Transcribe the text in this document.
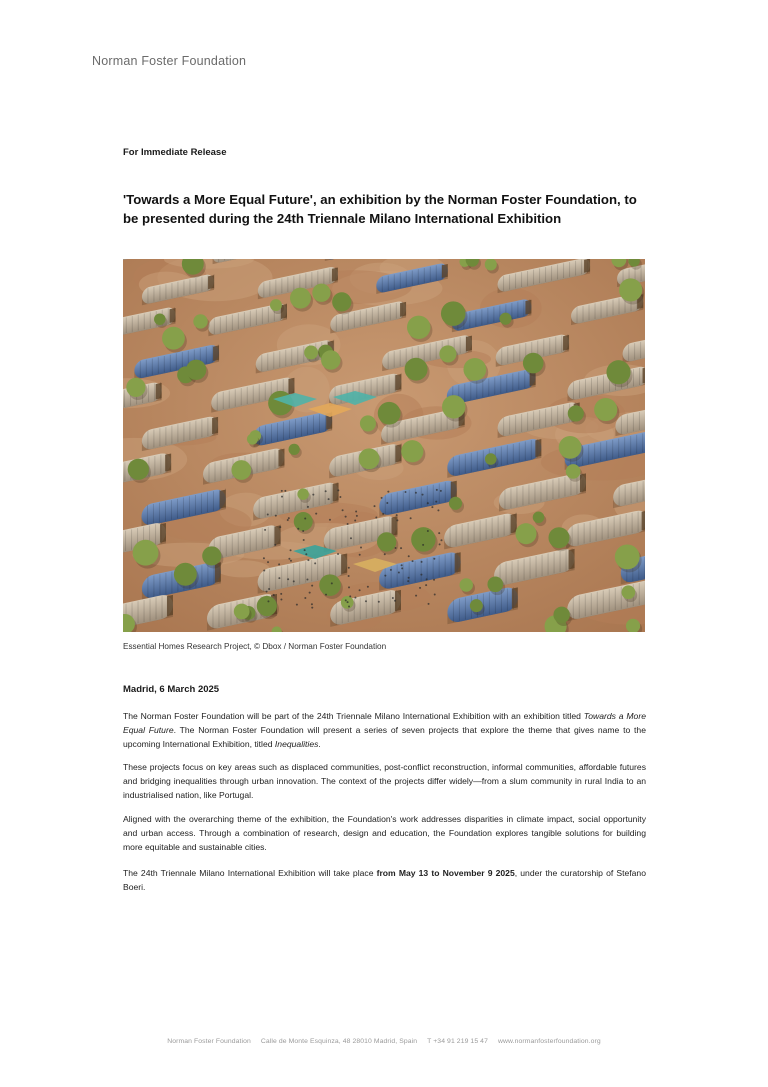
Norman Foster Foundation
For Immediate Release
'Towards a More Equal Future', an exhibition by the Norman Foster Foundation, to be presented during the 24th Triennale Milano International Exhibition
Essential Homes Research Project, © Dbox / Norman Foster Foundation
Madrid, 6 March 2025

The Norman Foster Foundation will be part of the 24th Triennale Milano International Exhibition with an exhibition titled Towards a More Equal Future. The Norman Foster Foundation will present a series of seven projects that explore the theme that gives name to the upcoming International Exhibition, titled Inequalities.

These projects focus on key areas such as displaced communities, post-conflict reconstruction, informal communities, affordable futures and bridging inequalities through urban innovation. The context of the projects differ widely—from a slum community in rural India to an industrialised nation, like Portugal.

Aligned with the overarching theme of the exhibition, the Foundation's work addresses disparities in climate impact, social opportunity and urban access. Through a combination of research, design and education, the Foundation explores tangible solutions for building more equitable and sustainable cities.

The 24th Triennale Milano International Exhibition will take place from May 13 to November 9 2025, under the curatorship of Stefano Boeri.

Norman Foster Foundation Calle de Monte Esquinza, 48 28010 Madrid, Spain T +34 91 219 15 47 www.normanfosterfoundation.org
